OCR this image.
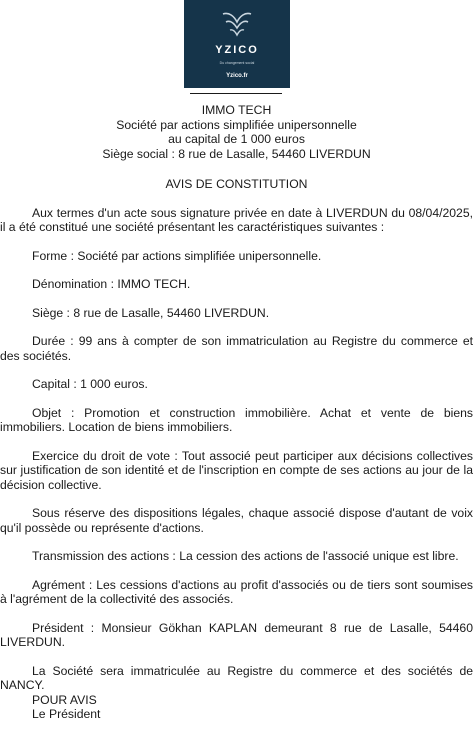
YZICO
Du changement social
Yzico.fr

IMMO TECH

Société par actions simplifiée unipersonnelle

au capital de 1 000 euros

Siège social : 8 rue de Lasalle, 54460 LIVERDUN

AVIS DE CONSTITUTION

Aux termes d'un acte sous signature privée en date à LIVERDUN du 08/04/2025, il a été constitué une société présentant les caractéristiques suivantes :

Forme : Société par actions simplifiée unipersonnelle.

Dénomination : IMMO TECH.

Siège : 8 rue de Lasalle, 54460 LIVERDUN.

Durée : 99 ans à compter de son immatriculation au Registre du commerce et des sociétés.

Capital : 1 000 euros.

Objet : Promotion et construction immobilière. Achat et vente de biens immobiliers. Location de biens immobiliers.

Exercice du droit de vote : Tout associé peut participer aux décisions collectives sur justification de son identité et de l'inscription en compte de ses actions au jour de la décision collective.

Sous réserve des dispositions légales, chaque associé dispose d'autant de voix qu'il possède ou représente d'actions.

Transmission des actions : La cession des actions de l'associé unique est libre.

Agrément : Les cessions d'actions au profit d'associés ou de tiers sont soumises à l'agrément de la collectivité des associés.

Président : Monsieur Gökhan KAPLAN demeurant 8 rue de Lasalle, 54460 LIVERDUN.

La Société sera immatriculée au Registre du commerce et des sociétés de NANCY.

POUR AVIS

Le Président
